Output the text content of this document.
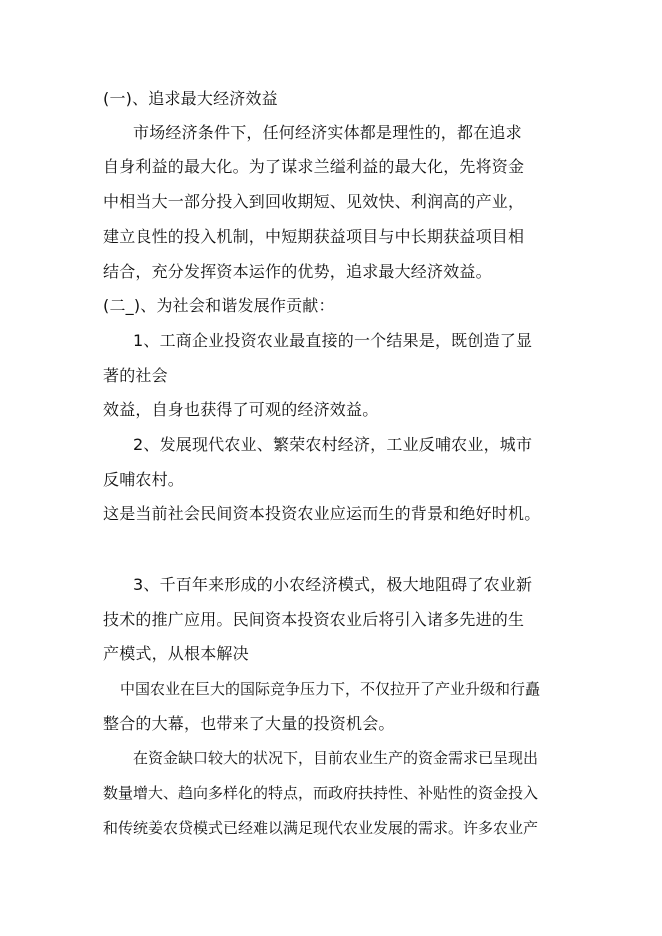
(一)、追求最大经济效益
市场经济条件下，任何经济实体都是理性的，都在追求
自身利益的最大化。为了谋求兰缢利益的最大化，先将资金
中相当大一部分投入到回收期短、见效快、利润高的产业，
建立良性的投入机制，中短期获益项目与中长期获益项目相
结合，充分发挥资本运作的优势，追求最大经济效益。
(二_)、为社会和谐发展作贡献：
1、工商企业投资农业最直接的一个结果是，既创造了显
著的社会
效益，自身也获得了可观的经济效益。
2、发展现代农业、繁荣农村经济，工业反哺农业，城市
反哺农村。
这是当前社会民间资本投资农业应运而生的背景和绝好时机。
3、千百年来形成的小农经济模式，极大地阻碍了农业新
技术的推广应用。民间资本投资农业后将引入诸多先进的生
产模式，从根本解决
中国农业在巨大的国际竞争压力下，不仅拉开了产业升级和行矗
整合的大幕，也带来了大量的投资机会。
在资金缺口较大的状况下，目前农业生产的资金需求已呈现出
数量增大、趋向多样化的特点，而政府扶持性、补贴性的资金投入
和传统姜农贷模式已经难以满足现代农业发展的需求。许多农业产
